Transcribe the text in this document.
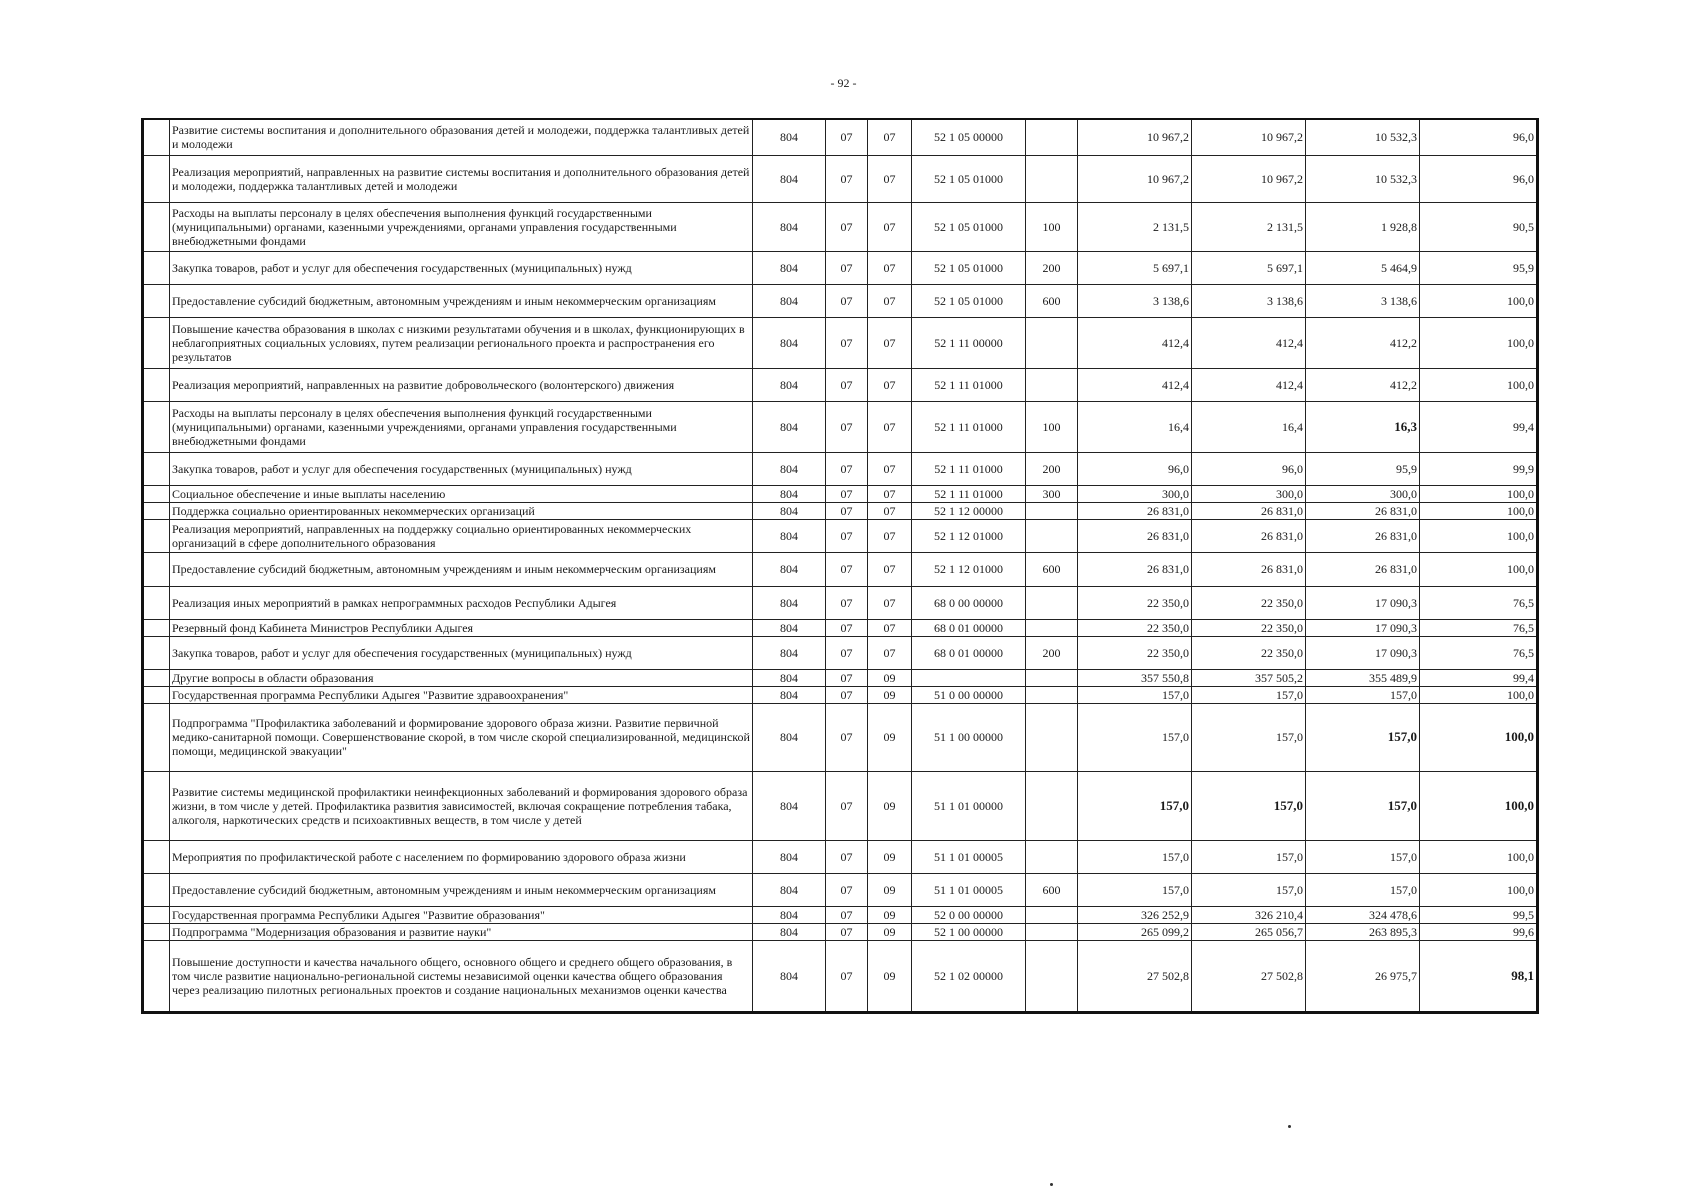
- 92 -
	Развитие системы воспитания и дополнительного образования детей и молодежи, поддержка талантливых детей и молодежи	804	07	07	52 1 05 00000		10 967,2	10 967,2	10 532,3	96,0
	Реализация мероприятий, направленных на развитие системы воспитания и дополнительного образования детей и молодежи, поддержка талантливых детей и молодежи	804	07	07	52 1 05 01000		10 967,2	10 967,2	10 532,3	96,0
	Расходы на выплаты персоналу в целях обеспечения выполнения функций государственными (муниципальными) органами, казенными учреждениями, органами управления государственными внебюджетными фондами	804	07	07	52 1 05 01000	100	2 131,5	2 131,5	1 928,8	90,5
	Закупка товаров, работ и услуг для обеспечения государственных (муниципальных) нужд	804	07	07	52 1 05 01000	200	5 697,1	5 697,1	5 464,9	95,9
	Предоставление субсидий бюджетным, автономным учреждениям и иным некоммерческим организациям	804	07	07	52 1 05 01000	600	3 138,6	3 138,6	3 138,6	100,0
	Повышение качества образования в школах с низкими результатами обучения и в школах, функционирующих в неблагоприятных социальных условиях, путем реализации регионального проекта и распространения его результатов	804	07	07	52 1 11 00000		412,4	412,4	412,2	100,0
	Реализация мероприятий, направленных на развитие добровольческого (волонтерского) движения	804	07	07	52 1 11 01000		412,4	412,4	412,2	100,0
	Расходы на выплаты персоналу в целях обеспечения выполнения функций государственными (муниципальными) органами, казенными учреждениями, органами управления государственными внебюджетными фондами	804	07	07	52 1 11 01000	100	16,4	16,4	16,3	99,4
	Закупка товаров, работ и услуг для обеспечения государственных (муниципальных) нужд	804	07	07	52 1 11 01000	200	96,0	96,0	95,9	99,9
	Социальное обеспечение и иные выплаты населению	804	07	07	52 1 11 01000	300	300,0	300,0	300,0	100,0
	Поддержка социально ориентированных некоммерческих организаций	804	07	07	52 1 12 00000		26 831,0	26 831,0	26 831,0	100,0
	Реализация мероприятий, направленных на поддержку социально ориентированных некоммерческих организаций в сфере дополнительного образования	804	07	07	52 1 12 01000		26 831,0	26 831,0	26 831,0	100,0
	Предоставление субсидий бюджетным, автономным учреждениям и иным некоммерческим организациям	804	07	07	52 1 12 01000	600	26 831,0	26 831,0	26 831,0	100,0
	Реализация иных мероприятий в рамках непрограммных расходов Республики Адыгея	804	07	07	68 0 00 00000		22 350,0	22 350,0	17 090,3	76,5
	Резервный фонд Кабинета Министров Республики Адыгея	804	07	07	68 0 01 00000		22 350,0	22 350,0	17 090,3	76,5
	Закупка товаров, работ и услуг для обеспечения государственных (муниципальных) нужд	804	07	07	68 0 01 00000	200	22 350,0	22 350,0	17 090,3	76,5
	Другие вопросы в области образования	804	07	09			357 550,8	357 505,2	355 489,9	99,4
	Государственная программа Республики Адыгея "Развитие здравоохранения"	804	07	09	51 0 00 00000		157,0	157,0	157,0	100,0
	Подпрограмма "Профилактика заболеваний и формирование здорового образа жизни. Развитие первичной медико-санитарной помощи. Совершенствование скорой, в том числе скорой специализированной, медицинской помощи, медицинской эвакуации"	804	07	09	51 1 00 00000		157,0	157,0	157,0	100,0
	Развитие системы медицинской профилактики неинфекционных заболеваний и формирования здорового образа жизни, в том числе у детей. Профилактика развития зависимостей, включая сокращение потребления табака, алкоголя, наркотических средств и психоактивных веществ, в том числе у детей	804	07	09	51 1 01 00000		157,0	157,0	157,0	100,0
	Мероприятия по профилактической работе с населением по формированию здорового образа жизни	804	07	09	51 1 01 00005		157,0	157,0	157,0	100,0
	Предоставление субсидий бюджетным, автономным учреждениям и иным некоммерческим организациям	804	07	09	51 1 01 00005	600	157,0	157,0	157,0	100,0
	Государственная программа Республики Адыгея "Развитие образования"	804	07	09	52 0 00 00000		326 252,9	326 210,4	324 478,6	99,5
	Подпрограмма "Модернизация образования и развитие науки"	804	07	09	52 1 00 00000		265 099,2	265 056,7	263 895,3	99,6
	Повышение доступности и качества начального общего, основного общего и среднего общего образования, в том числе развитие национально-региональной системы независимой оценки качества общего образования через реализацию пилотных региональных проектов и создание национальных механизмов оценки качества	804	07	09	52 1 02 00000		27 502,8	27 502,8	26 975,7	98,1
